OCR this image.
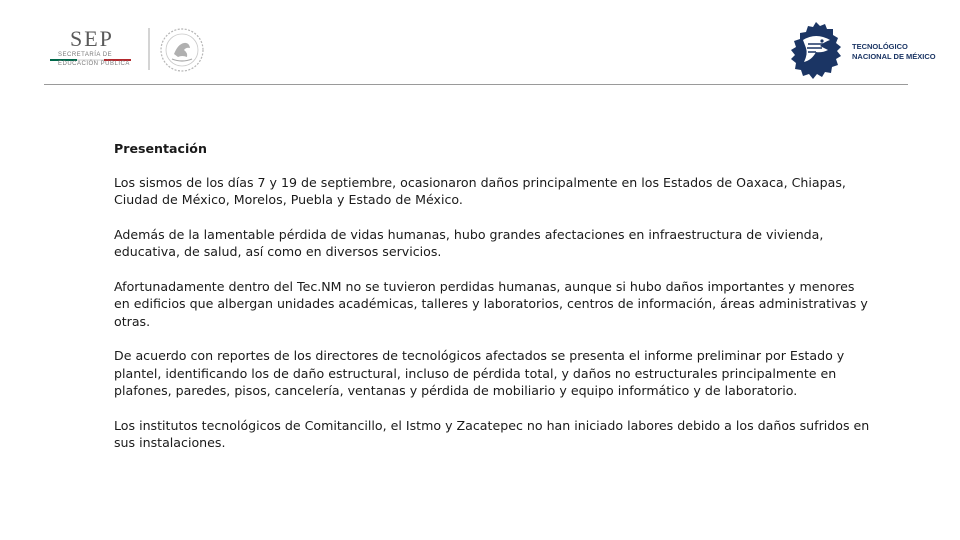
SEP
SECRETARÍA DE
EDUCACIÓN PÚBLICA
TECNOLÓGICO
NACIONAL DE MÉXICO

Presentación

Los sismos de los días 7 y 19 de septiembre, ocasionaron daños principalmente en los Estados de Oaxaca, Chiapas, Ciudad de México, Morelos, Puebla y Estado de México.

Además de la lamentable pérdida de vidas humanas, hubo grandes afectaciones en infraestructura de vivienda, educativa, de salud, así como en diversos servicios.

Afortunadamente dentro del Tec.NM no se tuvieron perdidas humanas, aunque si hubo daños importantes y menores en edificios que albergan unidades académicas, talleres y laboratorios, centros de información, áreas administrativas y otras.

De acuerdo con reportes de los directores de tecnológicos afectados se presenta el informe preliminar por Estado y plantel, identificando los de daño estructural, incluso de pérdida total, y daños no estructurales principalmente en plafones, paredes, pisos, cancelería, ventanas y pérdida de mobiliario y equipo informático y de laboratorio.

Los institutos tecnológicos de Comitancillo, el Istmo y Zacatepec no han iniciado labores debido a los daños sufridos en sus instalaciones.
